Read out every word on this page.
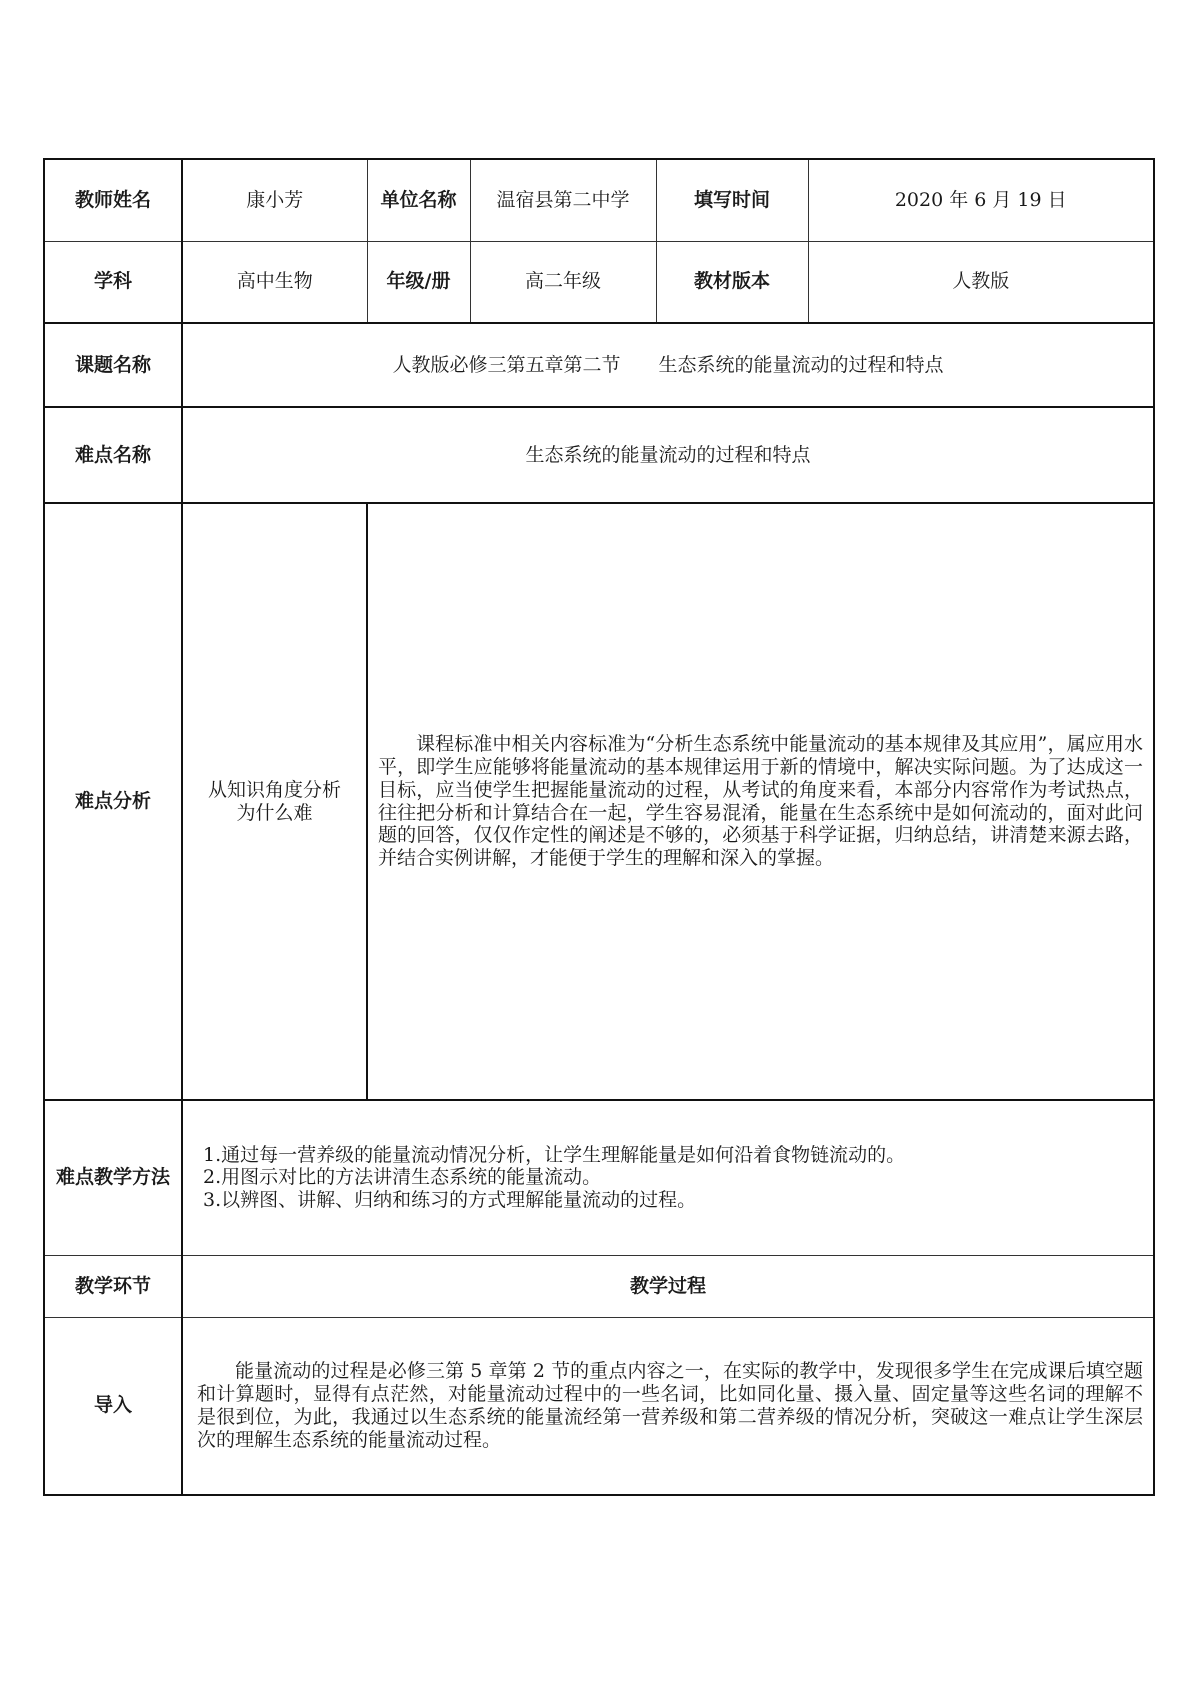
教师姓名	康小芳	单位名称	温宿县第二中学	填写时间	2020 年 6 月 19 日
学科	高中生物	年级/册	高二年级	教材版本	人教版
课题名称	人教版必修三第五章第二节　　生态系统的能量流动的过程和特点				
难点名称	生态系统的能量流动的过程和特点				
难点分析	从知识角度分析为什么难	课程标准中相关内容标准为“分析生态系统中能量流动的基本规律及其应用”，属应用水平，即学生应能够将能量流动的基本规律运用于新的情境中，解决实际问题。为了达成这一目标，应当使学生把握能量流动的过程，从考试的角度来看，本部分内容常作为考试热点，往往把分析和计算结合在一起，学生容易混淆，能量在生态系统中是如何流动的，面对此问题的回答，仅仅作定性的阐述是不够的，必须基于科学证据，归纳总结，讲清楚来源去路，并结合实例讲解，才能便于学生的理解和深入的掌握。			
难点教学方法	1.通过每一营养级的能量流动情况分析，让学生理解能量是如何沿着食物链流动的。
2.用图示对比的方法讲清生态系统的能量流动。
3.以辨图、讲解、归纳和练习的方式理解能量流动的过程。				

教学环节	教学过程				
导入	能量流动的过程是必修三第 5 章第 2 节的重点内容之一，在实际的教学中，发现很多学生在完成课后填空题和计算题时，显得有点茫然，对能量流动过程中的一些名词，比如同化量、摄入量、固定量等这些名词的理解不是很到位，为此，我通过以生态系统的能量流经第一营养级和第二营养级的情况分析，突破这一难点让学生深层次的理解生态系统的能量流动过程。				
